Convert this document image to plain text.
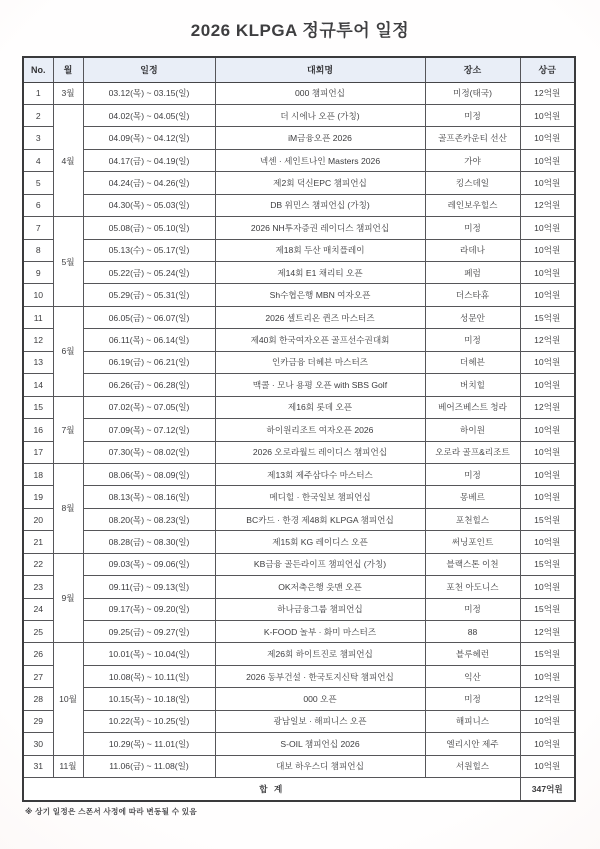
2026 KLPGA 정규투어 일정
No.	월	일정	대회명	장소	상금
1	3월	03.12(목) ~ 03.15(일)	000 챔피언십	미정(태국)	12억원
2	4월	04.02(목) ~ 04.05(일)	더 시에나 오픈 (가칭)	미정	10억원
3		04.09(목) ~ 04.12(일)	iM금융오픈 2026	골프존카운티 선산	10억원
4		04.17(금) ~ 04.19(일)	넥센 · 세인트나인 Masters 2026	가야	10억원
5		04.24(금) ~ 04.26(일)	제2회 덕신EPC 챔피언십	킹스데일	10억원
6		04.30(목) ~ 05.03(일)	DB 위민스 챔피언십 (가칭)	레인보우힐스	12억원
7	5월	05.08(금) ~ 05.10(일)	2026 NH투자증권 레이디스 챔피언십	미정	10억원
8		05.13(수) ~ 05.17(일)	제18회 두산 매치플레이	라데나	10억원
9		05.22(금) ~ 05.24(일)	제14회 E1 채리티 오픈	페럼	10억원
10		05.29(금) ~ 05.31(일)	Sh수협은행 MBN 여자오픈	더스타휴	10억원
11	6월	06.05(금) ~ 06.07(일)	2026 셀트리온 퀸즈 마스터즈	성문안	15억원
12		06.11(목) ~ 06.14(일)	제40회 한국여자오픈 골프선수권대회	미정	12억원
13		06.19(금) ~ 06.21(일)	인카금융 더헤븐 마스터즈	더헤븐	10억원
14		06.26(금) ~ 06.28(일)	맥콜 · 모나 용평 오픈 with SBS Golf	버치힐	10억원
15	7월	07.02(목) ~ 07.05(일)	제16회 롯데 오픈	베어즈베스트 청라	12억원
16		07.09(목) ~ 07.12(일)	하이원리조트 여자오픈 2026	하이원	10억원
17		07.30(목) ~ 08.02(일)	2026 오로라월드 레이디스 챔피언십	오로라 골프&리조트	10억원
18	8월	08.06(목) ~ 08.09(일)	제13회 제주삼다수 마스터스	미정	10억원
19		08.13(목) ~ 08.16(일)	메디힐 · 한국일보 챔피언십	몽베르	10억원
20		08.20(목) ~ 08.23(일)	BC카드 · 한경 제48회 KLPGA 챔피언십	포천힐스	15억원
21		08.28(금) ~ 08.30(일)	제15회 KG 레이디스 오픈	써닝포인트	10억원
22	9월	09.03(목) ~ 09.06(일)	KB금융 골든라이프 챔피언십 (가칭)	블랙스톤 이천	15억원
23		09.11(금) ~ 09.13(일)	OK저축은행 읏맨 오픈	포천 아도니스	10억원
24		09.17(목) ~ 09.20(일)	하나금융그룹 챔피언십	미정	15억원
25		09.25(금) ~ 09.27(일)	K-FOOD 놀부 · 화미 마스터즈	88	12억원
26	10월	10.01(목) ~ 10.04(일)	제26회 하이트진로 챔피언십	블루헤런	15억원
27		10.08(목) ~ 10.11(일)	2026 동부건설 · 한국토지신탁 챔피언십	익산	10억원
28		10.15(목) ~ 10.18(일)	000 오픈	미정	12억원
29		10.22(목) ~ 10.25(일)	광남일보 · 해피니스 오픈	해피니스	10억원
30		10.29(목) ~ 11.01(일)	S-OIL 챔피언십 2026	엘리시안 제주	10억원
31	11월	11.06(금) ~ 11.08(일)	대보 하우스디 챔피언십	서원힐스	10억원
합 계					347억원
※ 상기 일정은 스폰서 사정에 따라 변동될 수 있음
